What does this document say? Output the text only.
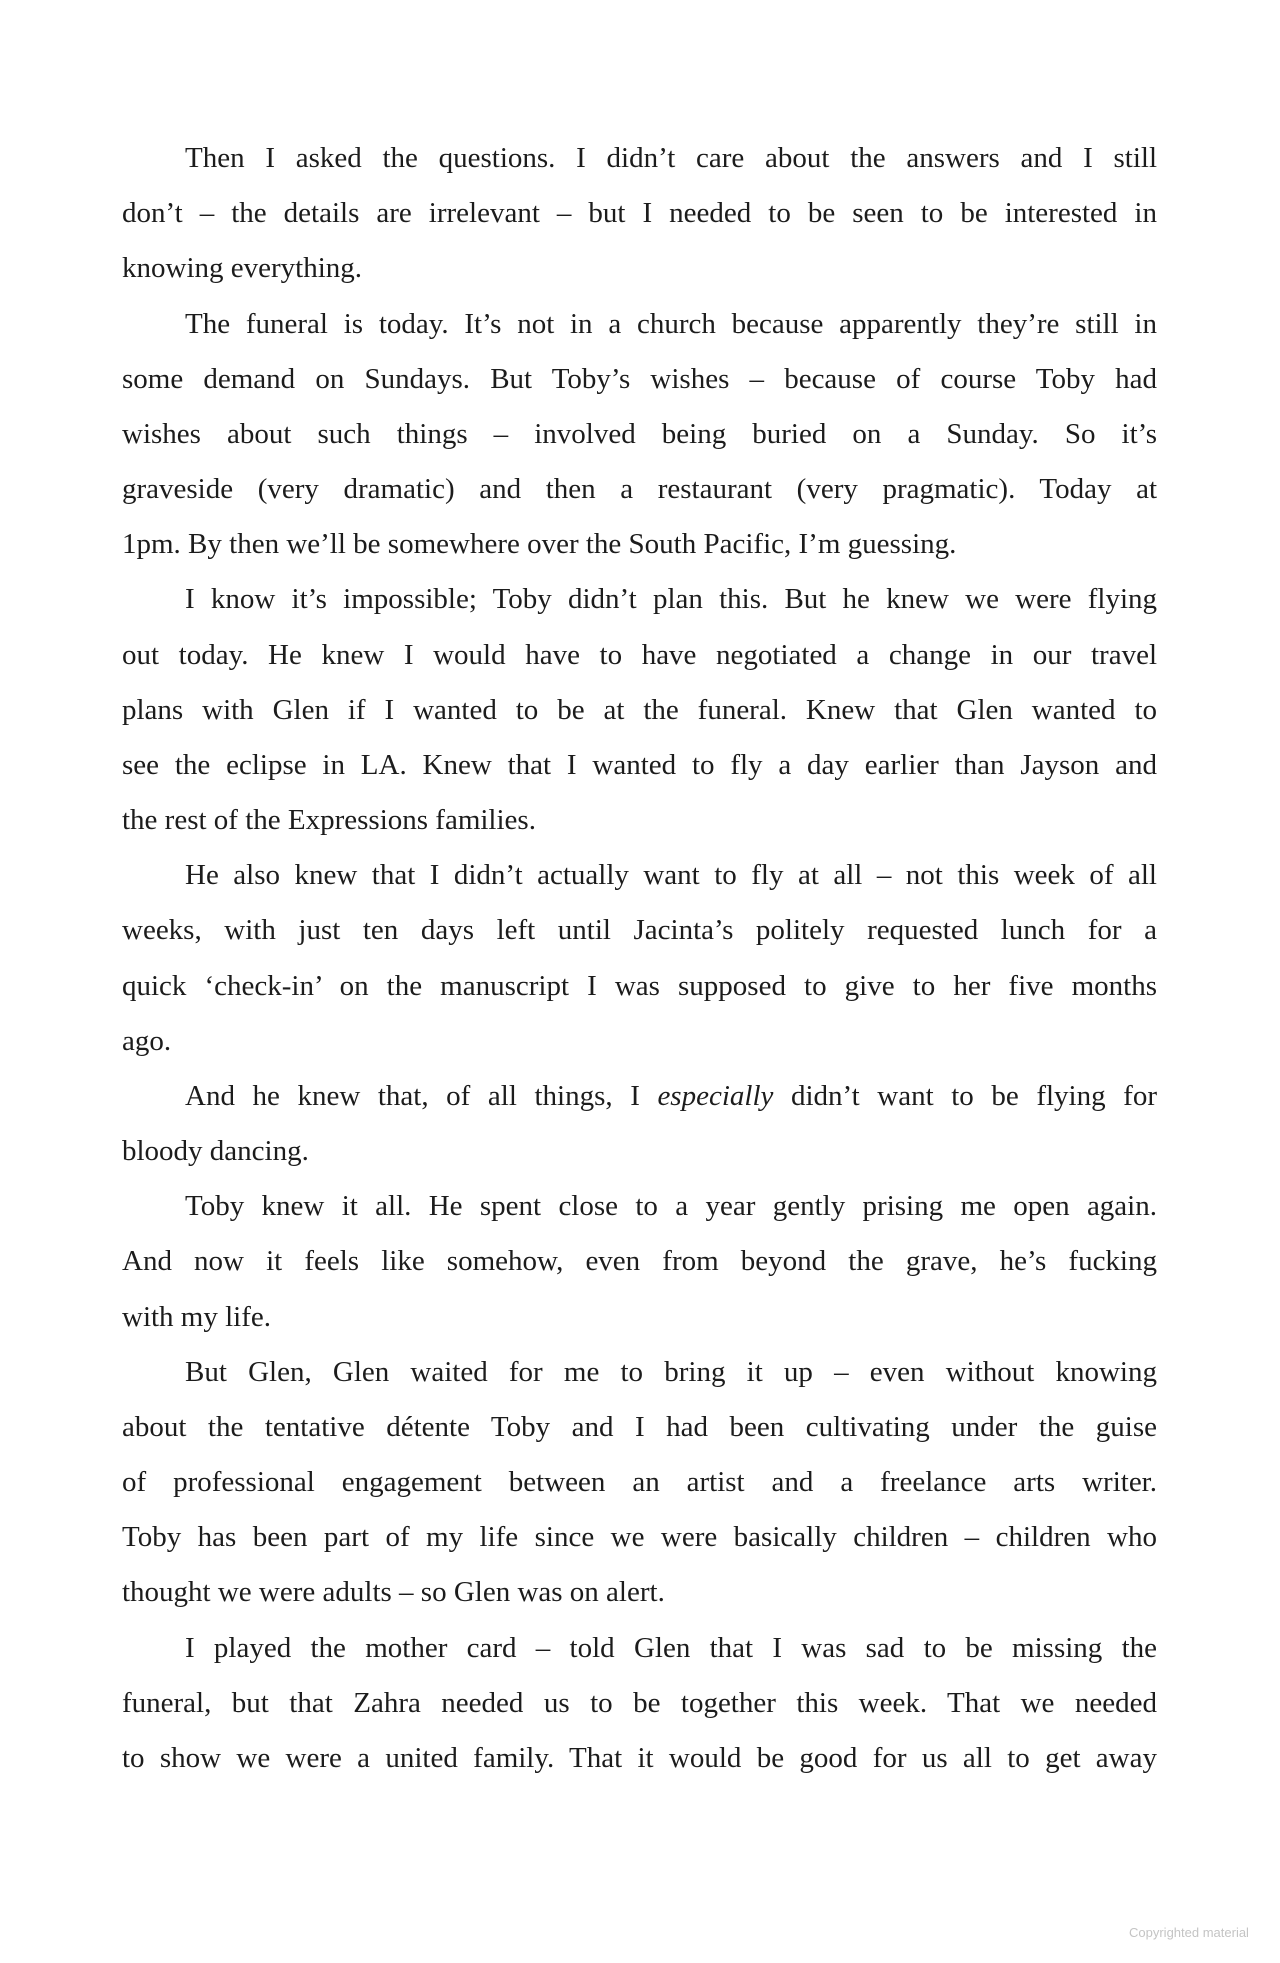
Then I asked the questions. I didn’t care about the answers and I still
don’t – the details are irrelevant – but I needed to be seen to be interested in
knowing everything.
The funeral is today. It’s not in a church because apparently they’re still in
some demand on Sundays. But Toby’s wishes – because of course Toby had
wishes about such things – involved being buried on a Sunday. So it’s
graveside (very dramatic) and then a restaurant (very pragmatic). Today at
1pm. By then we’ll be somewhere over the South Pacific, I’m guessing.
I know it’s impossible; Toby didn’t plan this. But he knew we were flying
out today. He knew I would have to have negotiated a change in our travel
plans with Glen if I wanted to be at the funeral. Knew that Glen wanted to
see the eclipse in LA. Knew that I wanted to fly a day earlier than Jayson and
the rest of the Expressions families.
He also knew that I didn’t actually want to fly at all – not this week of all
weeks, with just ten days left until Jacinta’s politely requested lunch for a
quick ‘check-in’ on the manuscript I was supposed to give to her five months
ago.
And he knew that, of all things, I especially didn’t want to be flying for
bloody dancing.
Toby knew it all. He spent close to a year gently prising me open again.
And now it feels like somehow, even from beyond the grave, he’s fucking
with my life.
But Glen, Glen waited for me to bring it up – even without knowing
about the tentative détente Toby and I had been cultivating under the guise
of professional engagement between an artist and a freelance arts writer.
Toby has been part of my life since we were basically children – children who
thought we were adults – so Glen was on alert.
I played the mother card – told Glen that I was sad to be missing the
funeral, but that Zahra needed us to be together this week. That we needed
to show we were a united family. That it would be good for us all to get away
Copyrighted material
